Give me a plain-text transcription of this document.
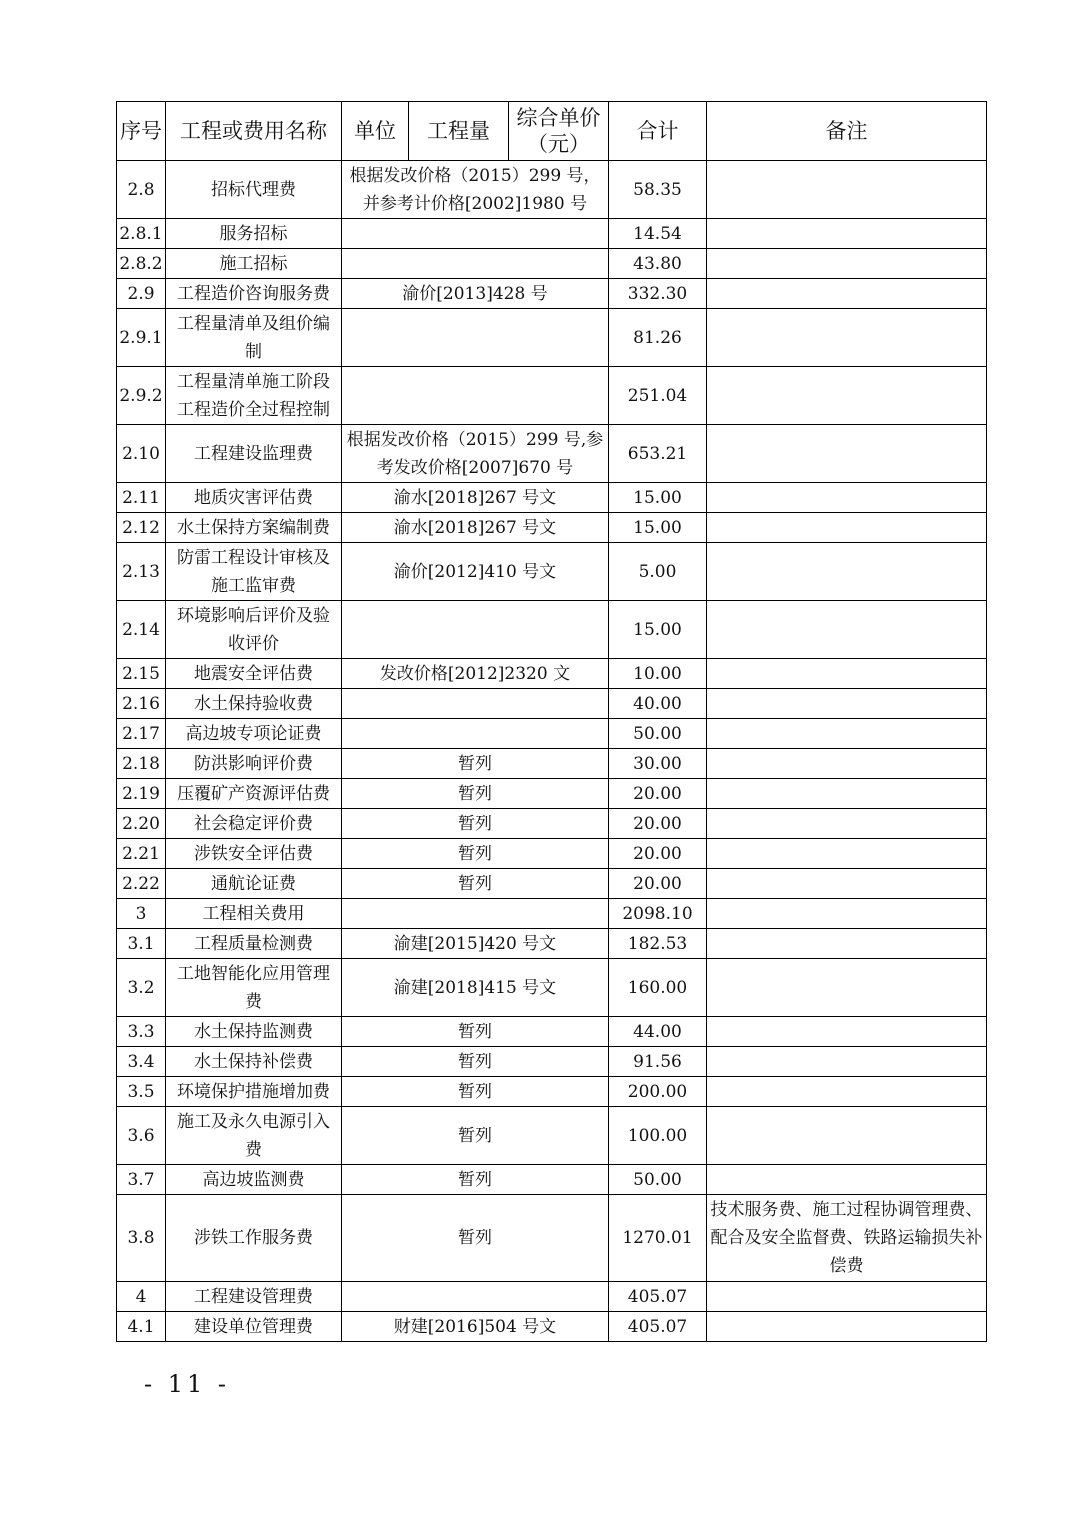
序号	工程或费用名称	单位	工程量	综合单价（元）	合计	备注
2.8	招标代理费	根据发改价格（2015）299 号，并参考计价格[2002]1980 号			58.35	
2.8.1	服务招标				14.54	
2.8.2	施工招标				43.80	
2.9	工程造价咨询服务费	渝价[2013]428 号			332.30	
2.9.1	工程量清单及组价编制				81.26	
2.9.2	工程量清单施工阶段工程造价全过程控制				251.04	
2.10	工程建设监理费	根据发改价格（2015）299 号,参考发改价格[2007]670 号			653.21	
2.11	地质灾害评估费	渝水[2018]267 号文			15.00	
2.12	水土保持方案编制费	渝水[2018]267 号文			15.00	
2.13	防雷工程设计审核及施工监审费	渝价[2012]410 号文			5.00	
2.14	环境影响后评价及验收评价				15.00	
2.15	地震安全评估费	发改价格[2012]2320 文			10.00	
2.16	水土保持验收费				40.00	
2.17	高边坡专项论证费				50.00	
2.18	防洪影响评价费	暂列			30.00	
2.19	压覆矿产资源评估费	暂列			20.00	
2.20	社会稳定评价费	暂列			20.00	
2.21	涉铁安全评估费	暂列			20.00	
2.22	通航论证费	暂列			20.00	
3	工程相关费用				2098.10	
3.1	工程质量检测费	渝建[2015]420 号文			182.53	
3.2	工地智能化应用管理费	渝建[2018]415 号文			160.00	
3.3	水土保持监测费	暂列			44.00	
3.4	水土保持补偿费	暂列			91.56	
3.5	环境保护措施增加费	暂列			200.00	
3.6	施工及永久电源引入费	暂列			100.00	
3.7	高边坡监测费	暂列			50.00	
3.8	涉铁工作服务费	暂列			1270.01	技术服务费、施工过程协调管理费、配合及安全监督费、铁路运输损失补偿费
4	工程建设管理费				405.07	
4.1	建设单位管理费	财建[2016]504 号文			405.07	
- 11 -
